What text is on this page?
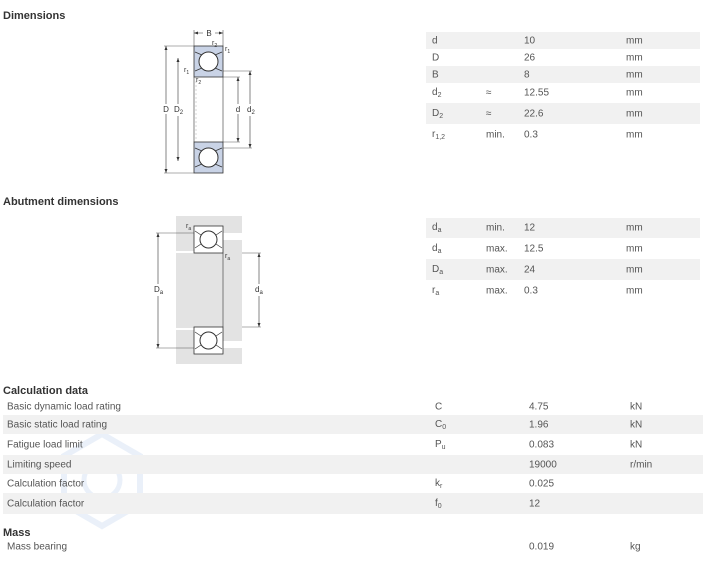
Dimensions
B
D $D_2$	d $d_2$
$r_2$ $r_1$
$r_1$
$r_2$
d	10	mm
D	26	mm
B	8	mm
$d_2$	≈	12.55	mm
$D_2$	≈	22.6	mm
$r_{1,2}$	min. 0.3	mm
Abutment dimensions
$D_a$	$d_a$
$r_a$
$r_a$
$d_a$	min. 12	mm
$d_a$	max. 12.5	mm
$D_a$	max. 24	mm
$r_a$	max. 0.3	mm
Calculation data
Basic dynamic load rating	C	4.75	kN
Basic static load rating	$C_0$	1.96	kN
Fatigue load limit	$P_u$	0.083	kN
Limiting speed	19000	r/min
Calculation factor	$k_r$	0.025
Calculation factor	$f_0$	12
Mass
Mass bearing	0.019	kg
